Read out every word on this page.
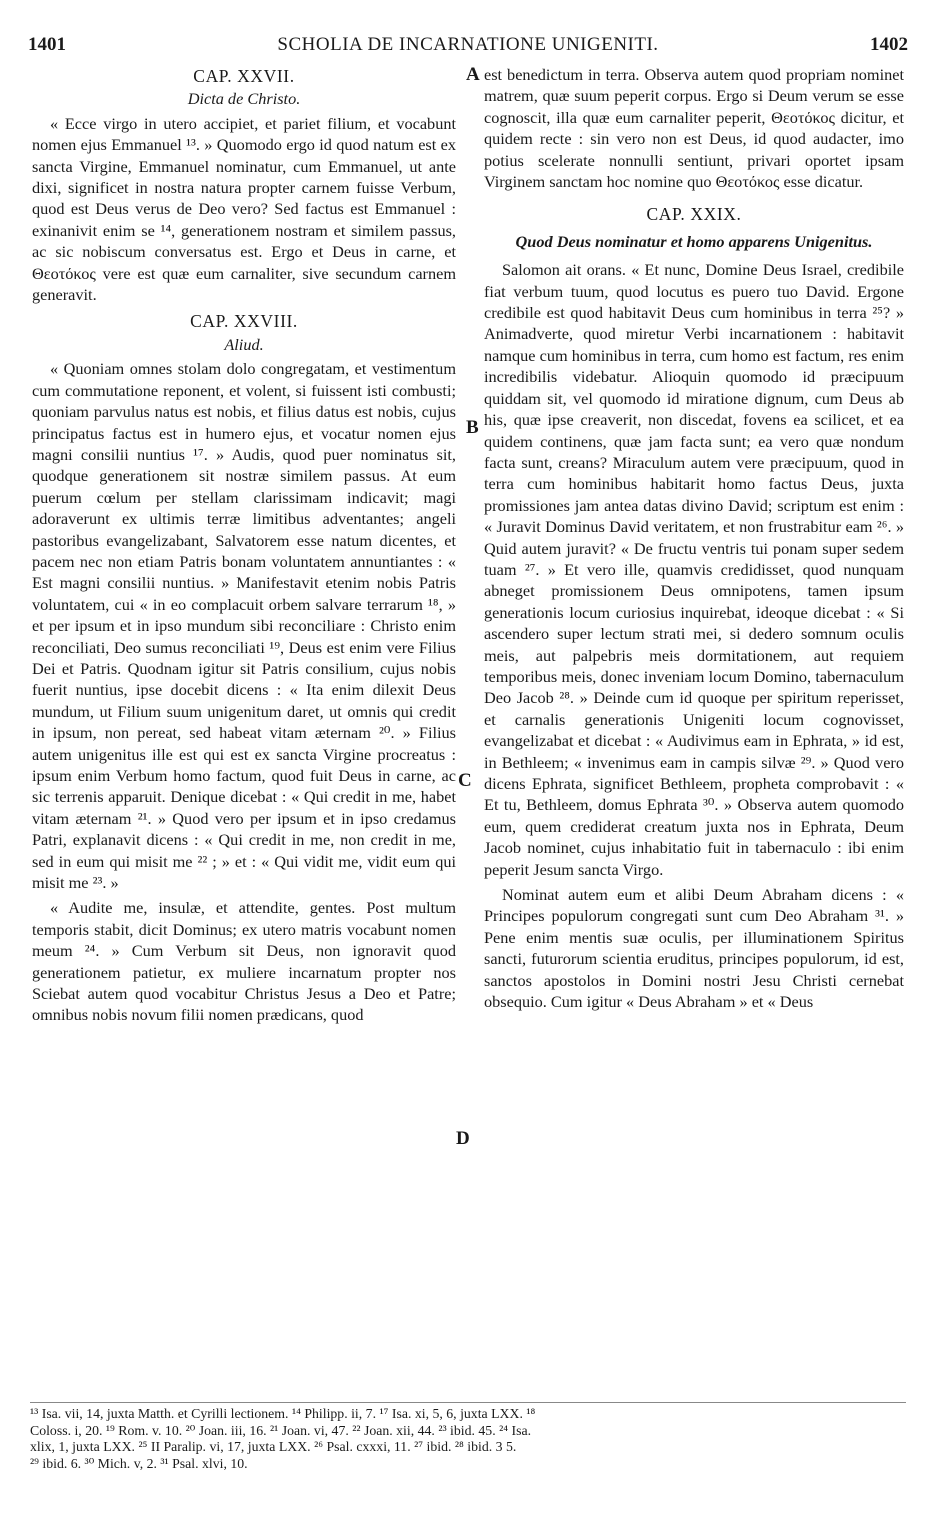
1401	SCHOLIA DE INCARNATIONE UNIGENITI.	1402
A
B
C
D
CAP. XXVII.
Dicta de Christo.

« Ecce virgo in utero accipiet, et pariet filium, et vocabunt nomen ejus Emmanuel ¹³. » Quomodo ergo id quod natum est ex sancta Virgine, Emmanuel nominatur, cum Emmanuel, ut ante dixi, significet in nostra natura propter carnem fuisse Verbum, quod est Deus verus de Deo vero? Sed factus est Emmanuel : exinanivit enim se ¹⁴, generationem nostram et similem passus, ac sic nobiscum conversatus est. Ergo et Deus in carne, et Θεοτόκος vere est quæ eum carnaliter, sive secundum carnem generavit.

CAP. XXVIII.
Aliud.

« Quoniam omnes stolam dolo congregatam, et vestimentum cum commutatione reponent, et volent, si fuissent isti combusti; quoniam parvulus natus est nobis, et filius datus est nobis, cujus principatus factus est in humero ejus, et vocatur nomen ejus magni consilii nuntius ¹⁷. » Audis, quod puer nominatus sit, quodque generationem sit nostræ similem passus. At eum puerum cœlum per stellam clarissimam indicavit; magi adoraverunt ex ultimis terræ limitibus adventantes; angeli pastoribus evangelizabant, Salvatorem esse natum dicentes, et pacem nec non etiam Patris bonam voluntatem annuntiantes : « Est magni consilii nuntius. » Manifestavit etenim nobis Patris voluntatem, cui « in eo complacuit orbem salvare terrarum ¹⁸, » et per ipsum et in ipso mundum sibi reconciliare : Christo enim reconciliati, Deo sumus reconciliati ¹⁹, Deus est enim vere Filius Dei et Patris. Quodnam igitur sit Patris consilium, cujus nobis fuerit nuntius, ipse docebit dicens : « Ita enim dilexit Deus mundum, ut Filium suum unigenitum daret, ut omnis qui credit in ipsum, non pereat, sed habeat vitam æternam ²⁰. » Filius autem unigenitus ille est qui est ex sancta Virgine procreatus : ipsum enim Verbum homo factum, quod fuit Deus in carne, ac sic terrenis apparuit. Denique dicebat : « Qui credit in me, habet vitam æternam ²¹. » Quod vero per ipsum et in ipso credamus Patri, explanavit dicens : « Qui credit in me, non credit in me, sed in eum qui misit me ²² ; » et : « Qui vidit me, vidit eum qui misit me ²³. »

« Audite me, insulæ, et attendite, gentes. Post multum temporis stabit, dicit Dominus; ex utero matris vocabunt nomen meum ²⁴. » Cum Verbum sit Deus, non ignoravit quod generationem patietur, ex muliere incarnatum propter nos Sciebat autem quod vocabitur Christus Jesus a Deo et Patre; omnibus nobis novum filii nomen prædicans, quod

est benedictum in terra. Observa autem quod propriam nominet matrem, quæ suum peperit corpus. Ergo si Deum verum se esse cognoscit, illa quæ eum carnaliter peperit, Θεοτόκος dicitur, et quidem recte : sin vero non est Deus, id quod audacter, imo potius scelerate nonnulli sentiunt, privari oportet ipsam Virginem sanctam hoc nomine quo Θεοτόκος esse dicatur.

CAP. XXIX.
Quod Deus nominatur et homo apparens Unigenitus.

Salomon ait orans. « Et nunc, Domine Deus Israel, credibile fiat verbum tuum, quod locutus es puero tuo David. Ergone credibile est quod habitavit Deus cum hominibus in terra ²⁵? » Animadverte, quod miretur Verbi incarnationem : habitavit namque cum hominibus in terra, cum homo est factum, res enim incredibilis videbatur. Alioquin quomodo id præcipuum quiddam sit, vel quomodo id miratione dignum, cum Deus ab his, quæ ipse creaverit, non discedat, fovens ea scilicet, et ea quidem continens, quæ jam facta sunt; ea vero quæ nondum facta sunt, creans? Miraculum autem vere præcipuum, quod in terra cum hominibus habitarit homo factus Deus, juxta promissiones jam antea datas divino David; scriptum est enim : « Juravit Dominus David veritatem, et non frustrabitur eam ²⁶. » Quid autem juravit? « De fructu ventris tui ponam super sedem tuam ²⁷. » Et vero ille, quamvis credidisset, quod nunquam abneget promissionem Deus omnipotens, tamen ipsum generationis locum curiosius inquirebat, ideoque dicebat : « Si ascendero super lectum strati mei, si dedero somnum oculis meis, aut palpebris meis dormitationem, aut requiem temporibus meis, donec inveniam locum Domino, tabernaculum Deo Jacob ²⁸. » Deinde cum id quoque per spiritum reperisset, et carnalis generationis Unigeniti locum cognovisset, evangelizabat et dicebat : « Audivimus eam in Ephrata, » id est, in Bethleem; « invenimus eam in campis silvæ ²⁹. » Quod vero dicens Ephrata, significet Bethleem, propheta comprobavit : « Et tu, Bethleem, domus Ephrata ³⁰. » Observa autem quomodo eum, quem crediderat creatum juxta nos in Ephrata, Deum Jacob nominet, cujus inhabitatio fuit in tabernaculo : ibi enim peperit Jesum sancta Virgo.

Nominat autem eum et alibi Deum Abraham dicens : « Principes populorum congregati sunt cum Deo Abraham ³¹. » Pene enim mentis suæ oculis, per illuminationem Spiritus sancti, futurorum scientia eruditus, principes populorum, id est, sanctos apostolos in Domini nostri Jesu Christi cernebat obsequio. Cum igitur « Deus Abraham » et « Deus

¹³ Isa. vii, 14, juxta Matth. et Cyrilli lectionem. ¹⁴ Philipp. ii, 7. ¹⁷ Isa. xi, 5, 6, juxta LXX. ¹⁸
Coloss. i, 20. ¹⁹ Rom. v. 10. ²⁰ Joan. iii, 16. ²¹ Joan. vi, 47. ²² Joan. xii, 44. ²³ ibid. 45. ²⁴ Isa.
xlix, 1, juxta LXX. ²⁵ II Paralip. vi, 17, juxta LXX. ²⁶ Psal. cxxxi, 11. ²⁷ ibid. ²⁸ ibid. 3 5.
²⁹ ibid. 6. ³⁰ Mich. v, 2. ³¹ Psal. xlvi, 10.
